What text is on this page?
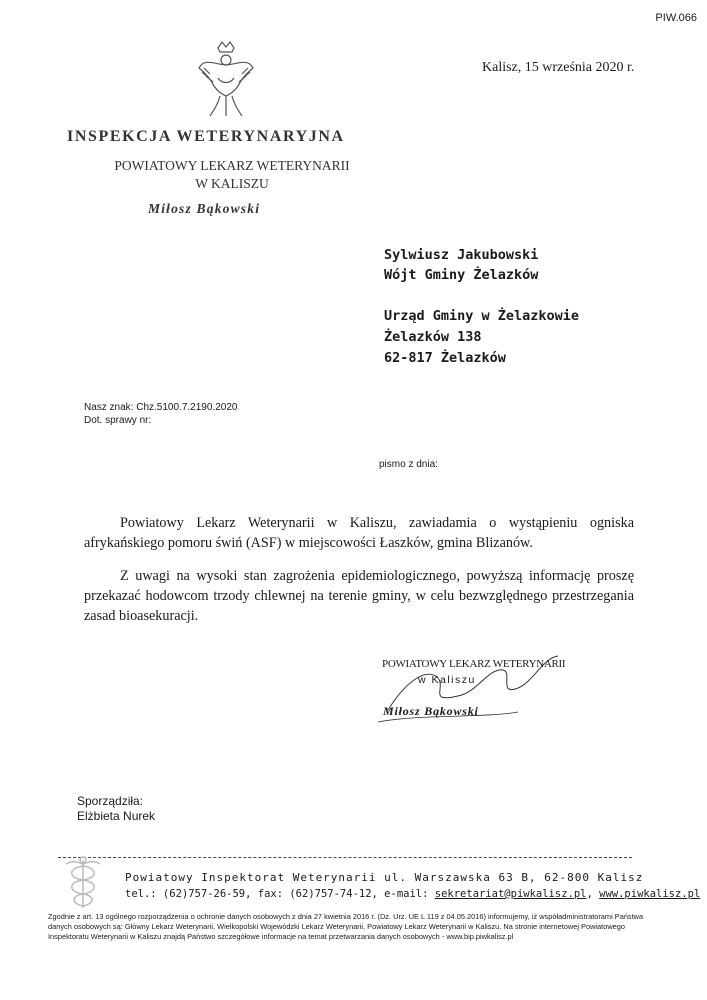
PIW.066
Kalisz, 15 września 2020 r.
INSPEKCJA WETERYNARYJNA
POWIATOWY LEKARZ WETERYNARII
W KALISZU
Miłosz Bąkowski
Sylwiusz Jakubowski
Wójt Gminy Żelazków
Urząd Gminy w Żelazkowie
Żelazków 138
62-817 Żelazków
Nasz znak: Chz.5100.7.2190.2020
Dot. sprawy nr:
pismo z dnia:
Powiatowy Lekarz Weterynarii w Kaliszu, zawiadamia o wystąpieniu ogniska afrykańskiego pomoru świń (ASF) w miejscowości Łaszków, gmina Blizanów.
Z uwagi na wysoki stan zagrożenia epidemiologicznego, powyższą informację proszę przekazać hodowcom trzody chlewnej na terenie gminy, w celu bezwzględnego przestrzegania zasad bioasekuracji.
POWIATOWY LEKARZ WETERYNARII
w Kaliszu
Miłosz Bąkowski
Sporządziła:
Elżbieta Nurek
Powiatowy Inspektorat Weterynarii ul. Warszawska 63 B, 62-800 Kalisz
tel.: (62)757-26-59, fax: (62)757-74-12, e-mail: sekretariat@piwkalisz.pl, www.piwkalisz.pl
Zgodnie z art. 13 ogólnego rozporządzenia o ochronie danych osobowych z dnia 27 kwietnia 2016 r. (Dz. Urz. UE L 119 z 04.05.2016) informujemy, iż współadministratorami Państwa danych osobowych są: Główny Lekarz Weterynarii, Wielkopolski Wojewódzki Lekarz Weterynarii, Powiatowy Lekarz Weterynarii w Kaliszu. Na stronie internetowej Powiatowego Inspektoratu Weterynarii w Kaliszu znajdą Państwo szczegółowe informacje na temat przetwarzania danych osobowych - www.bip.piwkalisz.pl
